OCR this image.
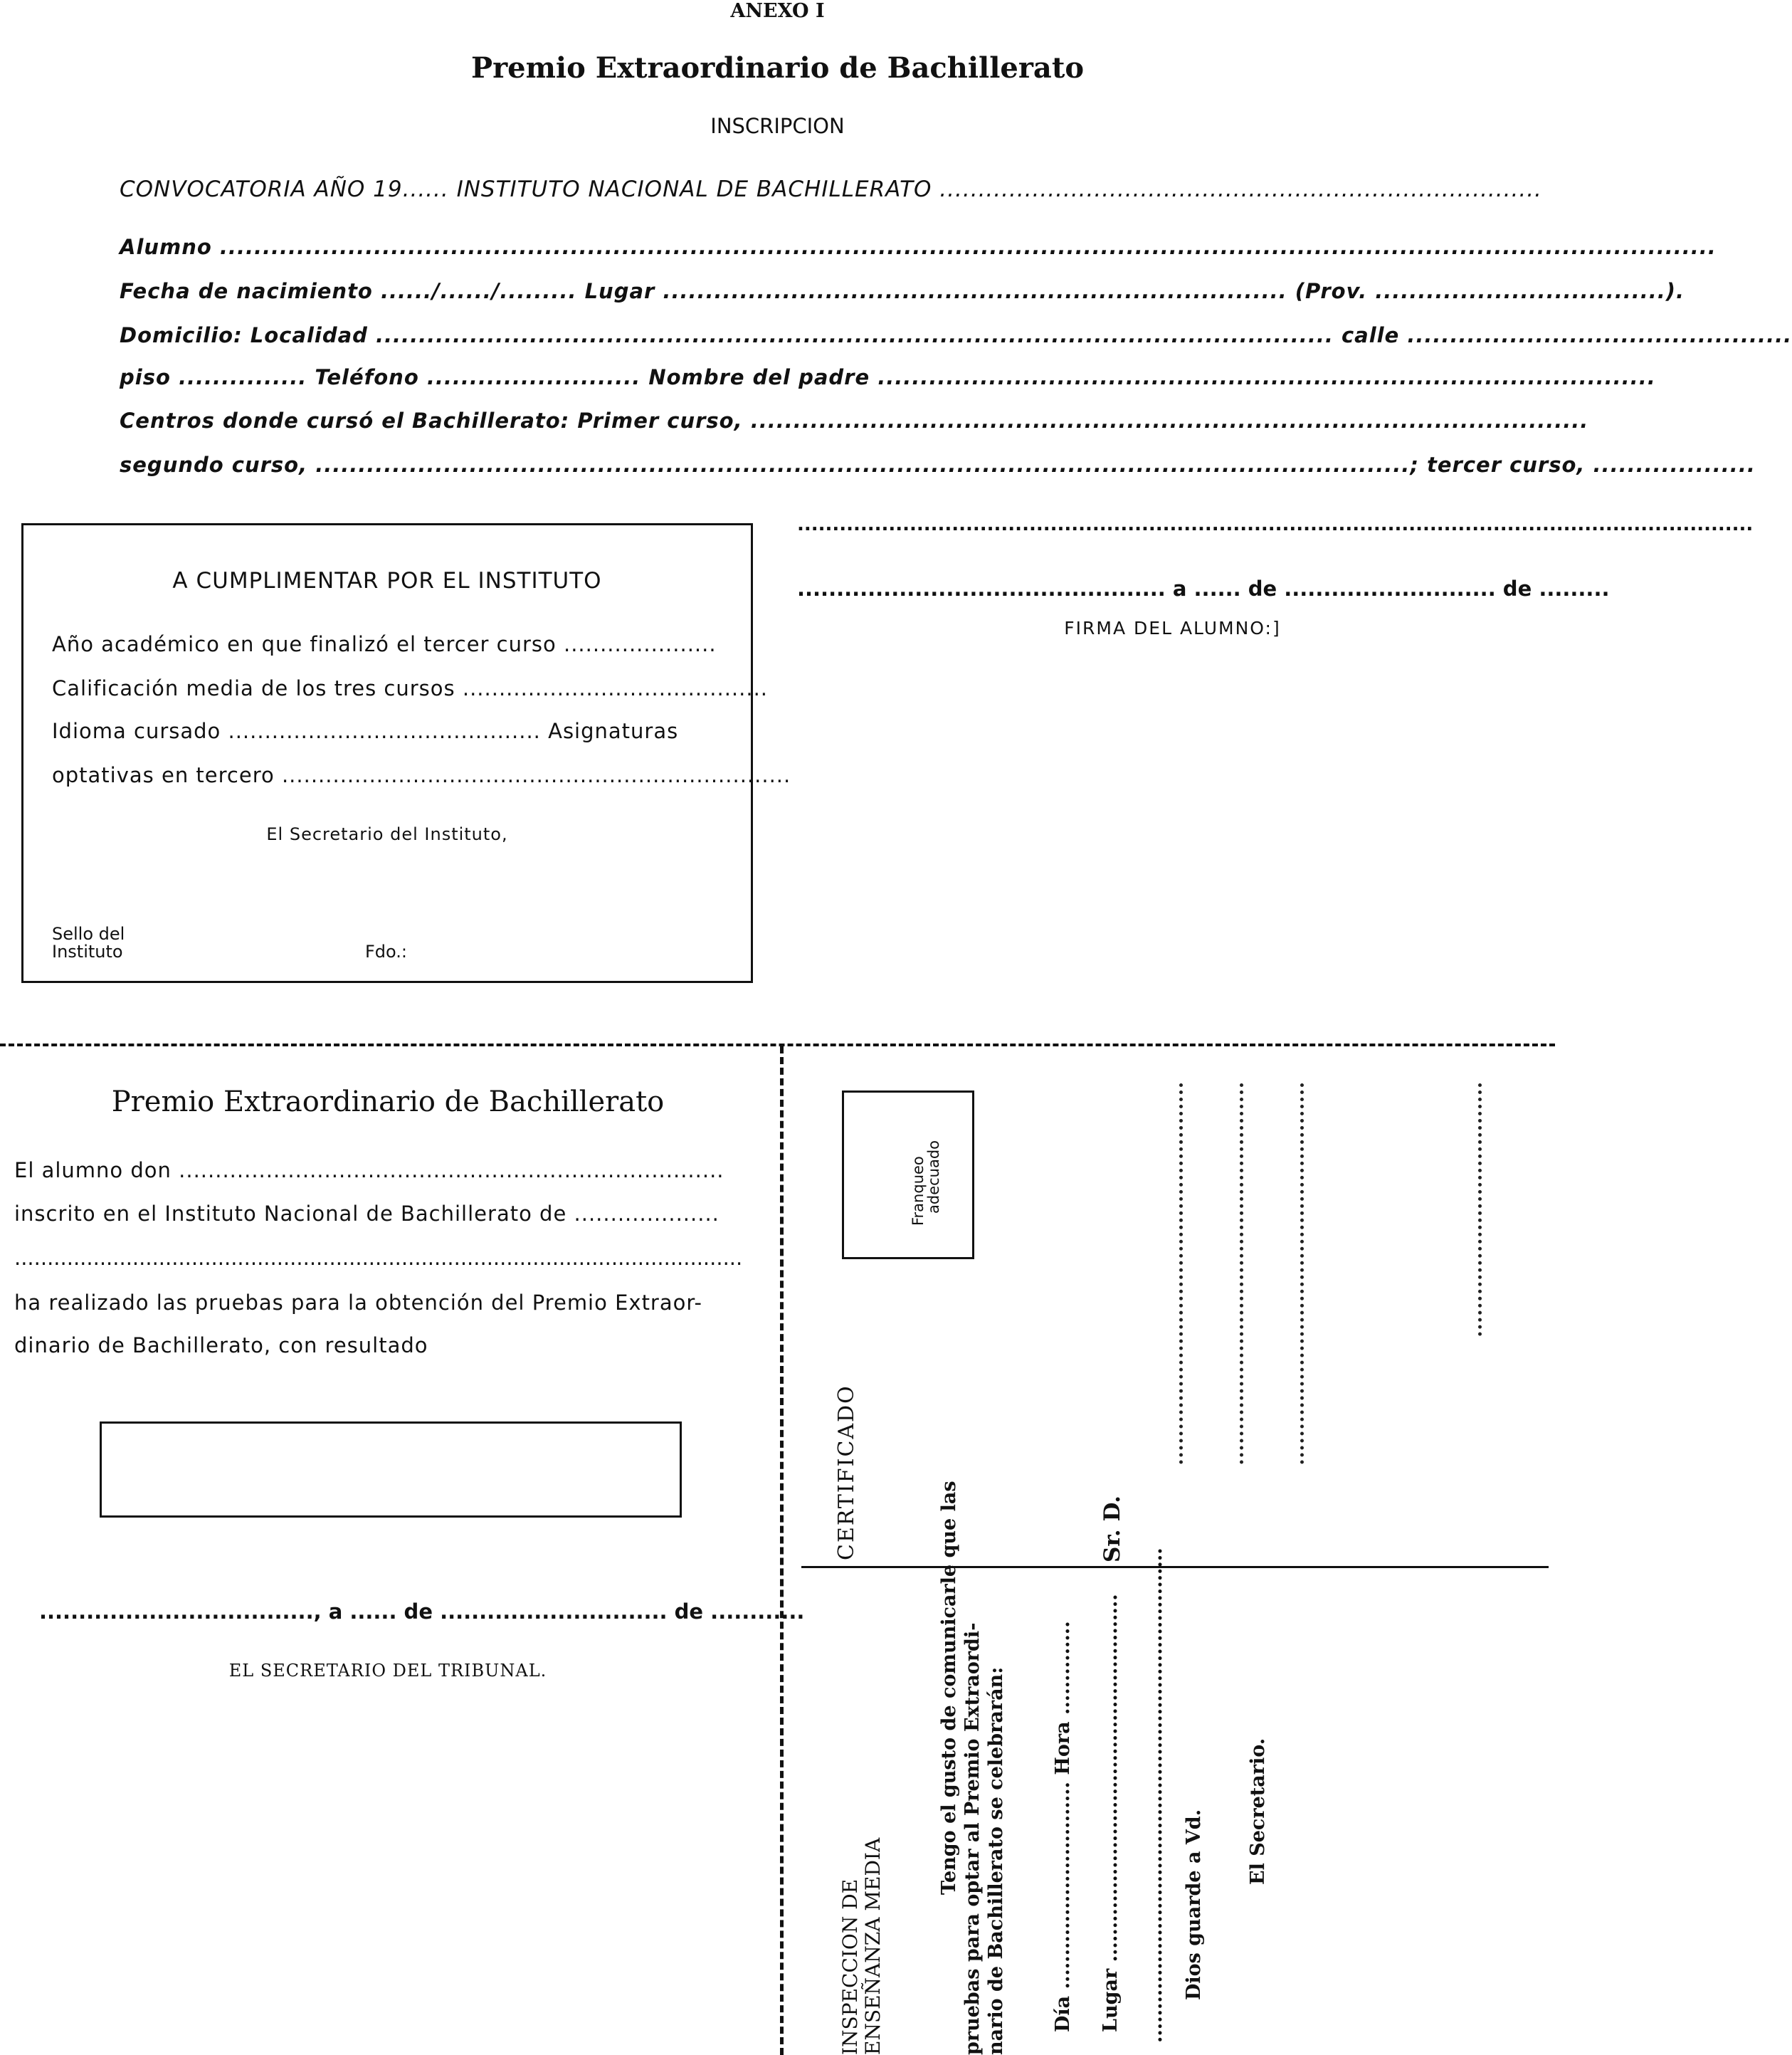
ANEXO I
Premio Extraordinario de Bachillerato
INSCRIPCION
CONVOCATORIA AÑO 19...... INSTITUTO NACIONAL DE BACHILLERATO ..............................................................................
Alumno ...............................................................................................................................................................................
Fecha de nacimiento ....../....../......... Lugar ......................................................................... (Prov. ..................................).
Domicilio: Localidad ................................................................................................................ calle .............................................
piso ............... Teléfono ......................... Nombre del padre ...........................................................................................
Centros donde cursó el Bachillerato: Primer curso, ..................................................................................................
segundo curso, ................................................................................................................................; tercer curso, ...................
A CUMPLIMENTAR POR EL INSTITUTO
Año académico en que finalizó el tercer curso .....................
Calificación media de los tres cursos ..........................................
Idioma cursado ........................................... Asignaturas
optativas en tercero ......................................................................
El Secretario del Instituto,
Sello del
Instituto	Fdo.:
........................................................................................................................................
............................................... a ...... de ........................... de .........
FIRMA DEL ALUMNO:]
Premio Extraordinario de Bachillerato
El alumno don ...........................................................................
inscrito en el Instituto Nacional de Bachillerato de ....................
...............................................................................................................
ha realizado las pruebas para la obtención del Premio Extraor-
dinario de Bachillerato, con resultado
..................................., a ...... de ............................. de ............
EL SECRETARIO DEL TRIBUNAL.
Franqueo
adecuado
CERTIFICADO	Sr. D.
INSPECCION DE ENSEÑANZA MEDIA
Tengo el gusto de comunicarle que las pruebas para optar al Premio Extraordi- nario de Bachillerato se celebrarán: Día ............................... Hora .............. Lugar ....................................................... .......................................................................... Dios guarde a Vd. El Secretario.
